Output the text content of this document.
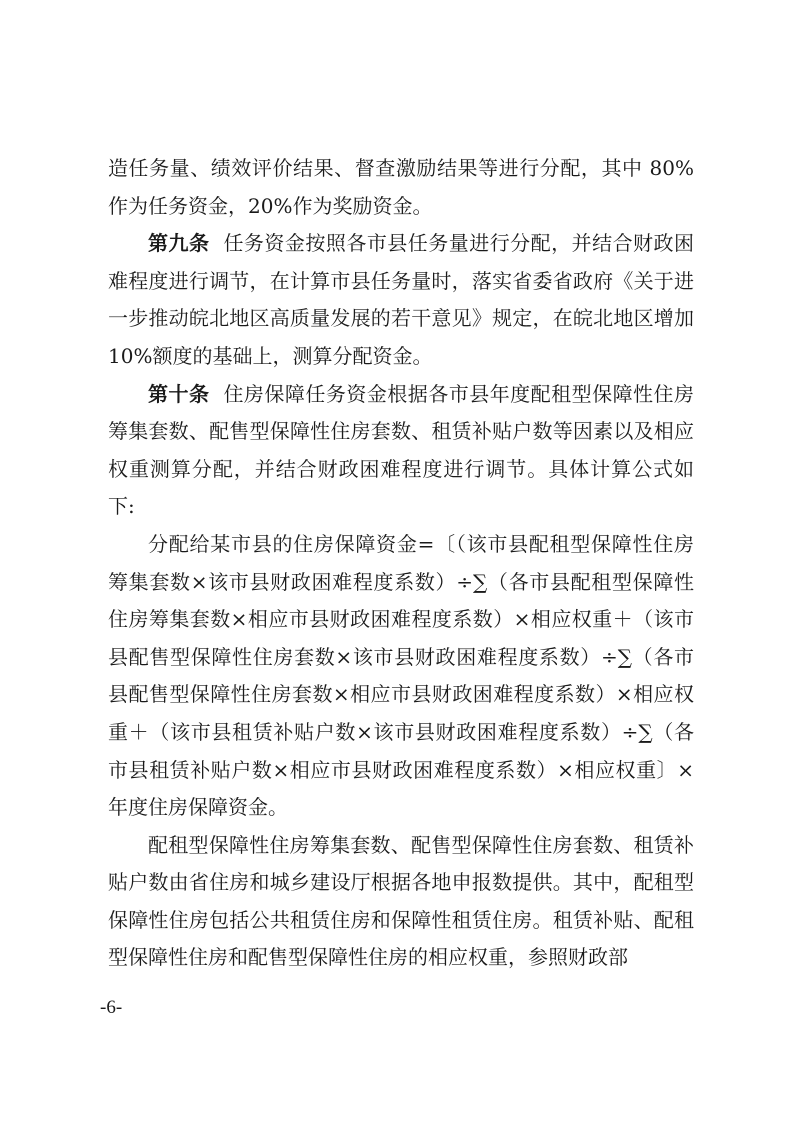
造任务量、绩效评价结果、督查激励结果等进行分配，其中 80%作为任务资金，20%作为奖励资金。

第九条 任务资金按照各市县任务量进行分配，并结合财政困难程度进行调节，在计算市县任务量时，落实省委省政府《关于进一步推动皖北地区高质量发展的若干意见》规定，在皖北地区增加 10%额度的基础上，测算分配资金。

第十条 住房保障任务资金根据各市县年度配租型保障性住房筹集套数、配售型保障性住房套数、租赁补贴户数等因素以及相应权重测算分配，并结合财政困难程度进行调节。具体计算公式如下:

分配给某市县的住房保障资金=〔（该市县配租型保障性住房筹集套数×该市县财政困难程度系数）÷∑（各市县配租型保障性住房筹集套数×相应市县财政困难程度系数）×相应权重＋（该市县配售型保障性住房套数×该市县财政困难程度系数）÷∑（各市县配售型保障性住房套数×相应市县财政困难程度系数）×相应权重＋（该市县租赁补贴户数×该市县财政困难程度系数）÷∑（各市县租赁补贴户数×相应市县财政困难程度系数）×相应权重〕×年度住房保障资金。

配租型保障性住房筹集套数、配售型保障性住房套数、租赁补贴户数由省住房和城乡建设厅根据各地申报数提供。其中，配租型保障性住房包括公共租赁住房和保障性租赁住房。租赁补贴、配租型保障性住房和配售型保障性住房的相应权重，参照财政部

-6-
